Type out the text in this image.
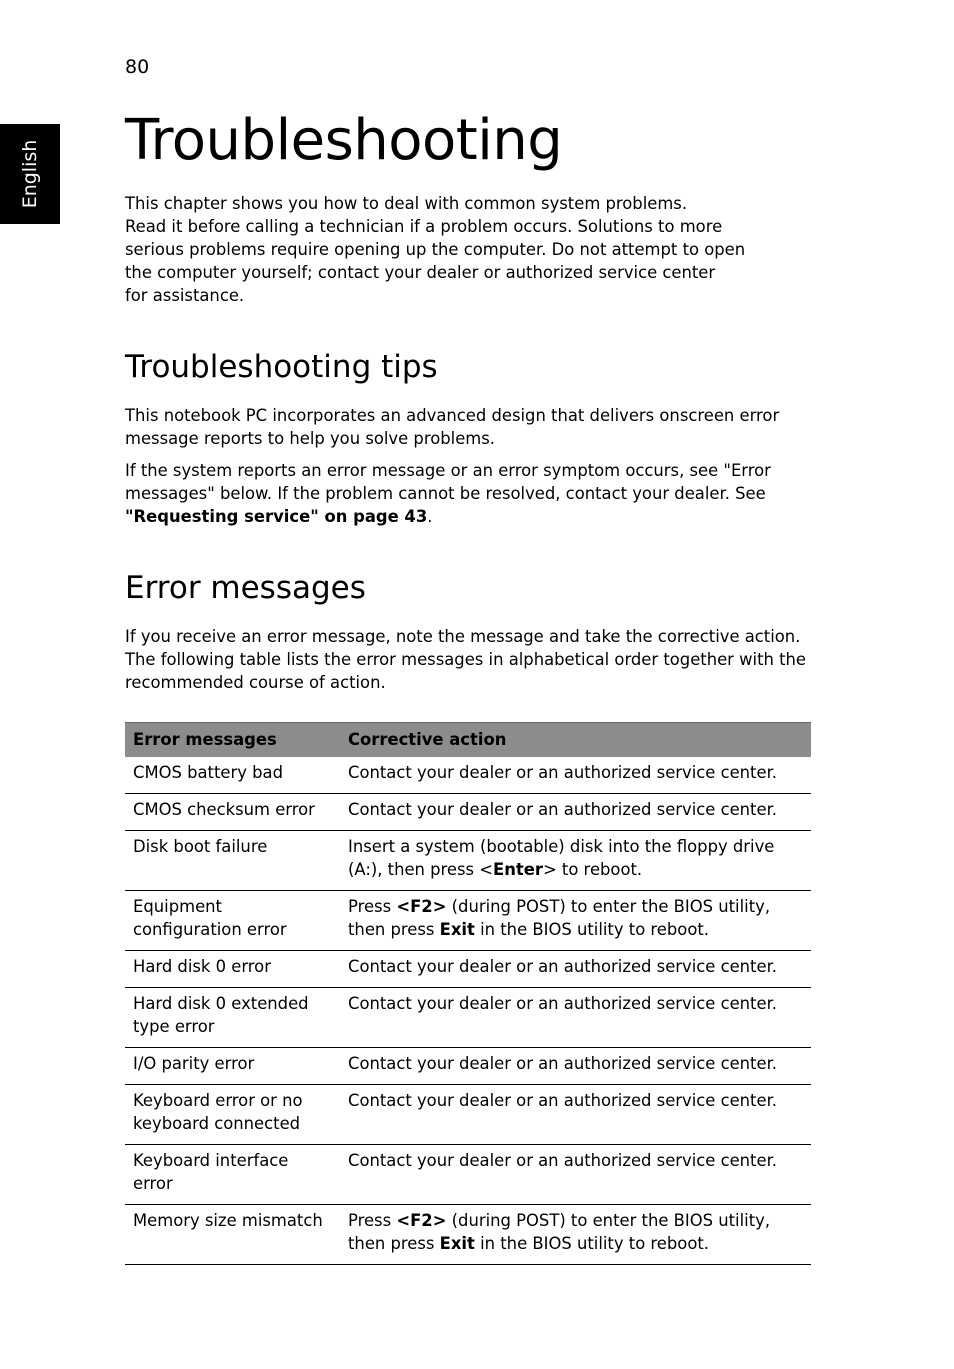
80
English Troubleshooting

This chapter shows you how to deal with common system problems.
Read it before calling a technician if a problem occurs. Solutions to more
serious problems require opening up the computer. Do not attempt to open
the computer yourself; contact your dealer or authorized service center
for assistance.

Troubleshooting tips

This notebook PC incorporates an advanced design that delivers onscreen error message reports to help you solve problems.

If the system reports an error message or an error symptom occurs, see "Error messages" below. If the problem cannot be resolved, contact your dealer. See "Requesting service" on page 43.

Error messages

If you receive an error message, note the message and take the corrective action. The following table lists the error messages in alphabetical order together with the recommended course of action.

Error messages	Corrective action
CMOS battery bad	Contact your dealer or an authorized service center.
CMOS checksum error	Contact your dealer or an authorized service center.
Disk boot failure	Insert a system (bootable) disk into the floppy drive (A:), then press <Enter> to reboot.
Equipment configuration error	Press <F2> (during POST) to enter the BIOS utility, then press Exit in the BIOS utility to reboot.
Hard disk 0 error	Contact your dealer or an authorized service center.
Hard disk 0 extended type error	Contact your dealer or an authorized service center.
I/O parity error	Contact your dealer or an authorized service center.
Keyboard error or no keyboard connected	Contact your dealer or an authorized service center.
Keyboard interface error	Contact your dealer or an authorized service center.
Memory size mismatch	Press <F2> (during POST) to enter the BIOS utility, then press Exit in the BIOS utility to reboot.
